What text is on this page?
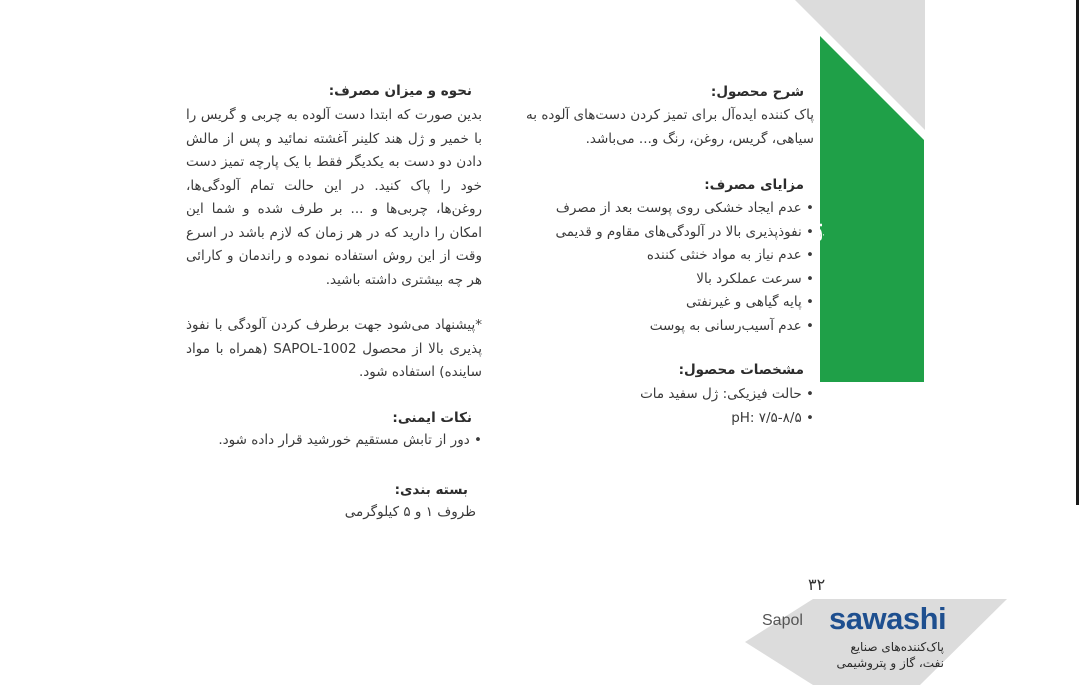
کرم پاک کننده دوده، سیاهی و گریس از دست بدون نیاز به آب
شرح محصول:
پاک کننده ایده‌آل برای تمیز کردن دست‌های آلوده به سیاهی، گریس، روغن، رنگ و... می‌باشد.
مزایای مصرف:
• عدم ایجاد خشکی روی پوست بعد از مصرف
• نفوذپذیری بالا در آلودگی‌های مقاوم و قدیمی
• عدم نیاز به مواد خنثی کننده
• سرعت عملکرد بالا
• پایه گیاهی و غیرنفتی
• عدم آسیب‌رسانی به پوست
مشخصات محصول:
• حالت فیزیکی: ژل سفید مات
• pH: ۷/۵-۸/۵
نحوه و میزان مصرف:
بدین صورت که ابتدا دست آلوده به چربی و گریس را با خمیر و ژل هند کلینر آغشته نمائید و پس از مالش دادن دو دست به یکدیگر فقط با یک پارچه تمیز دست خود را پاک کنید. در این حالت تمام آلودگی‌ها، روغن‌ها، چربی‌ها و ... بر طرف شده و شما این امکان را دارید که در هر زمان که لازم باشد در اسرع وقت از این روش استفاده نموده و راندمان و کارائی هر چه بیشتری داشته باشید.
*پیشنهاد می‌شود جهت برطرف کردن آلودگی با نفوذ پذیری بالا از محصول SAPOL-1002 (همراه با مواد ساینده) استفاده شود.
نکات ایمنی:
• دور از تابش مستقیم خورشید قرار داده شود.
بسته بندی:
ظروف ۱ و ۵ کیلوگرمی
۳۲
Sapol sawashi
پاک‌کننده‌های صنایع
نفت، گاز و پتروشیمی
